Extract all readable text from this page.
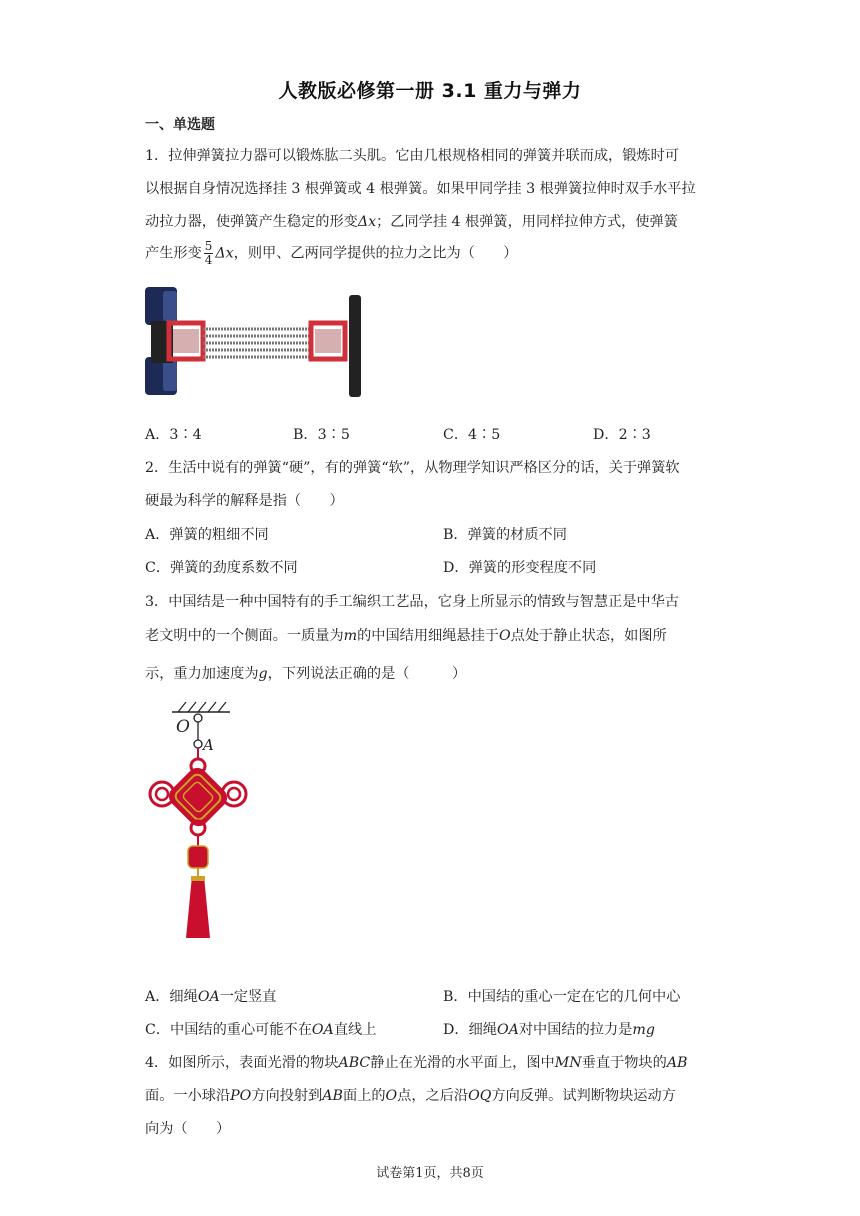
人教版必修第一册 3.1 重力与弹力
一、单选题
1．拉伸弹簧拉力器可以锻炼肱二头肌。它由几根规格相同的弹簧并联而成，锻炼时可
以根据自身情况选择挂 3 根弹簧或 4 根弹簧。如果甲同学挂 3 根弹簧拉伸时双手水平拉
动拉力器，使弹簧产生稳定的形变Δx；乙同学挂 4 根弹簧，用同样拉伸方式，使弹簧
产生形变 $\frac{5}{4}$ Δx，则甲、乙两同学提供的拉力之比为（　　）
A．3∶4	B．3∶5	C．4∶5	D．2∶3
2．生活中说有的弹簧“硬”，有的弹簧“软”，从物理学知识严格区分的话，关于弹簧软
硬最为科学的解释是指（　　）
A．弹簧的粗细不同	B．弹簧的材质不同
C．弹簧的劲度系数不同	D．弹簧的形变程度不同
3．中国结是一种中国特有的手工编织工艺品，它身上所显示的情致与智慧正是中华古
老文明中的一个侧面。一质量为m的中国结用细绳悬挂于O点处于静止状态，如图所
示，重力加速度为g，下列说法正确的是（　　　）
O
A
A．细绳OA一定竖直	B．中国结的重心一定在它的几何中心
C．中国结的重心可能不在OA直线上	D．细绳OA对中国结的拉力是mg
4．如图所示，表面光滑的物块ABC静止在光滑的水平面上，图中MN垂直于物块的AB
面。一小球沿PO方向投射到AB面上的O点，之后沿OQ方向反弹。试判断物块运动方
向为（　　）
试卷第1页，共8页
